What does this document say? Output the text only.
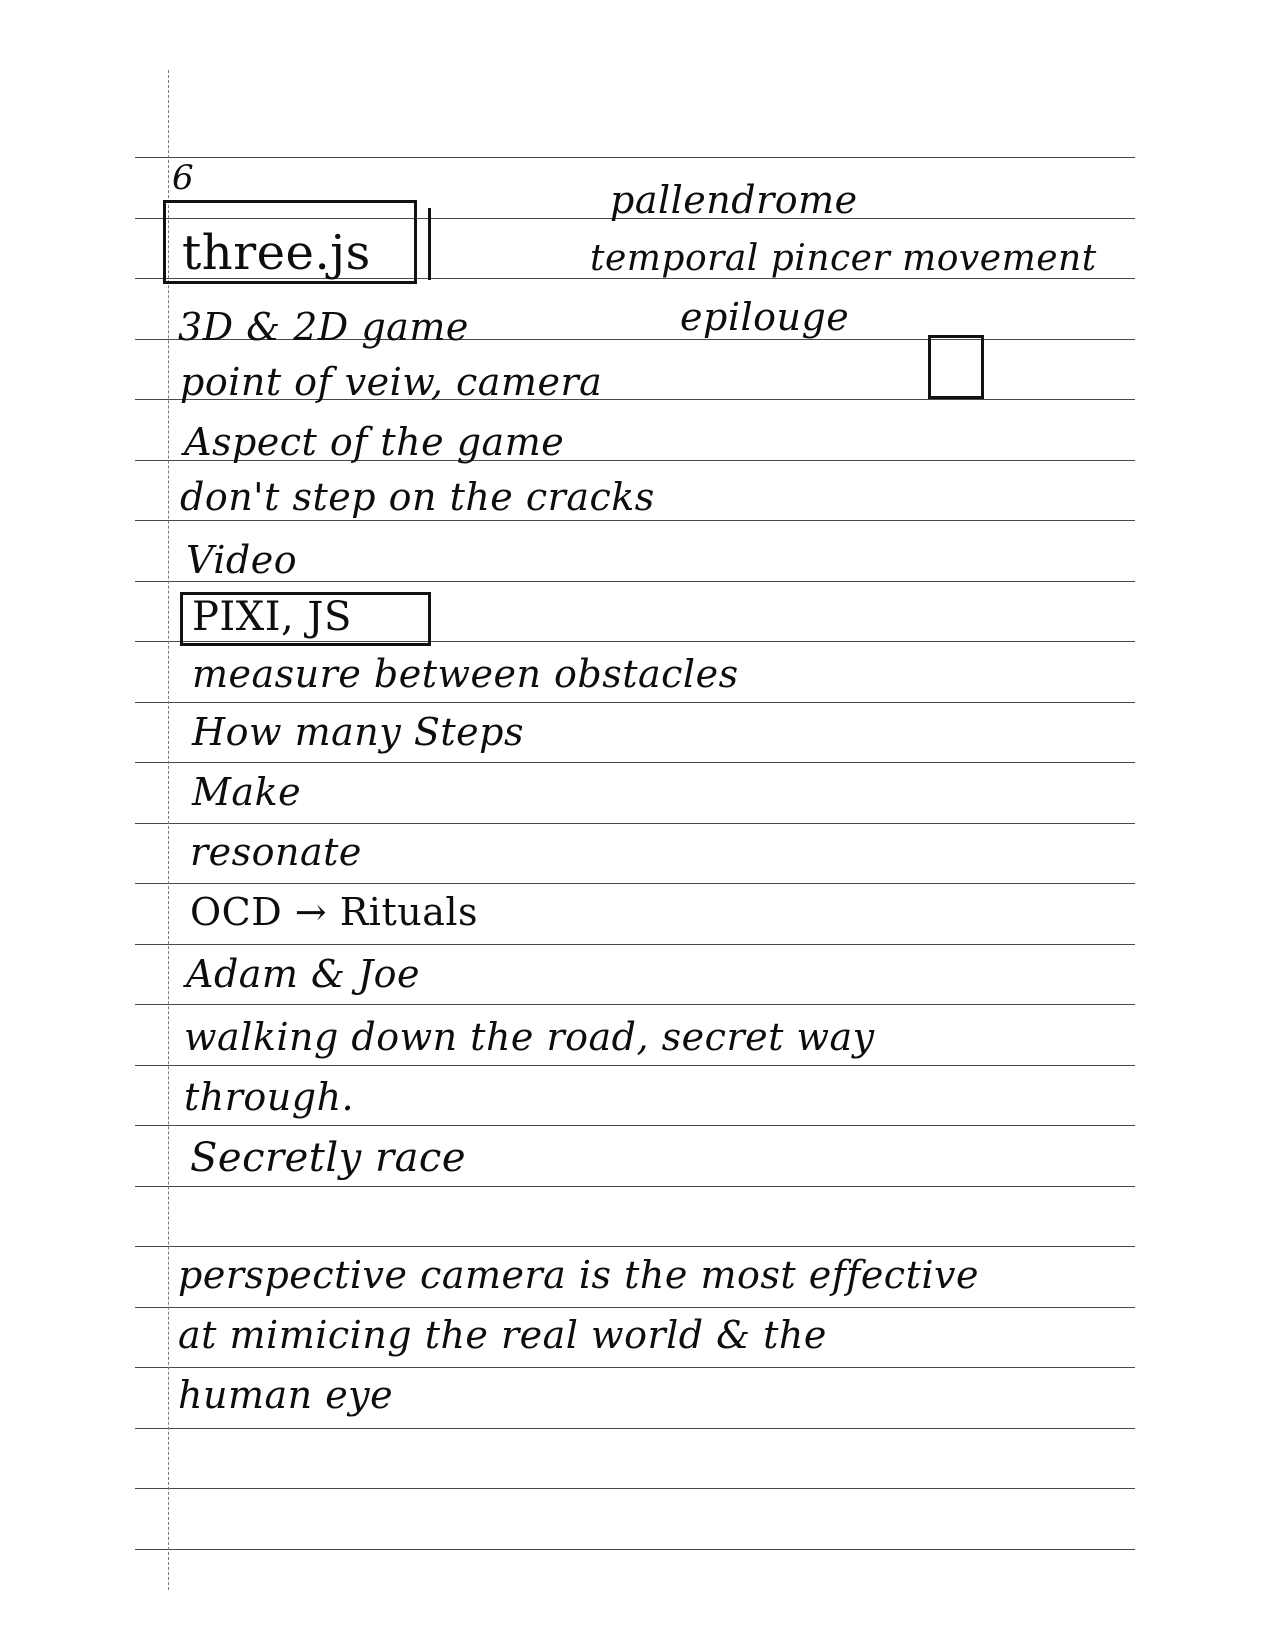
6
three.js
3D & 2D game
point of veiw, camera
Aspect of the game
don't step on the cracks
Video
PIXI, JS
measure between obstacles
How many Steps
Make
resonate
OCD → Rituals
Adam & Joe
walking down the road, secret way
through.
Secretly race
pallendrome
temporal pincer movement
epilouge
perspective camera is the most effective
at mimicing the real world & the
human eye
